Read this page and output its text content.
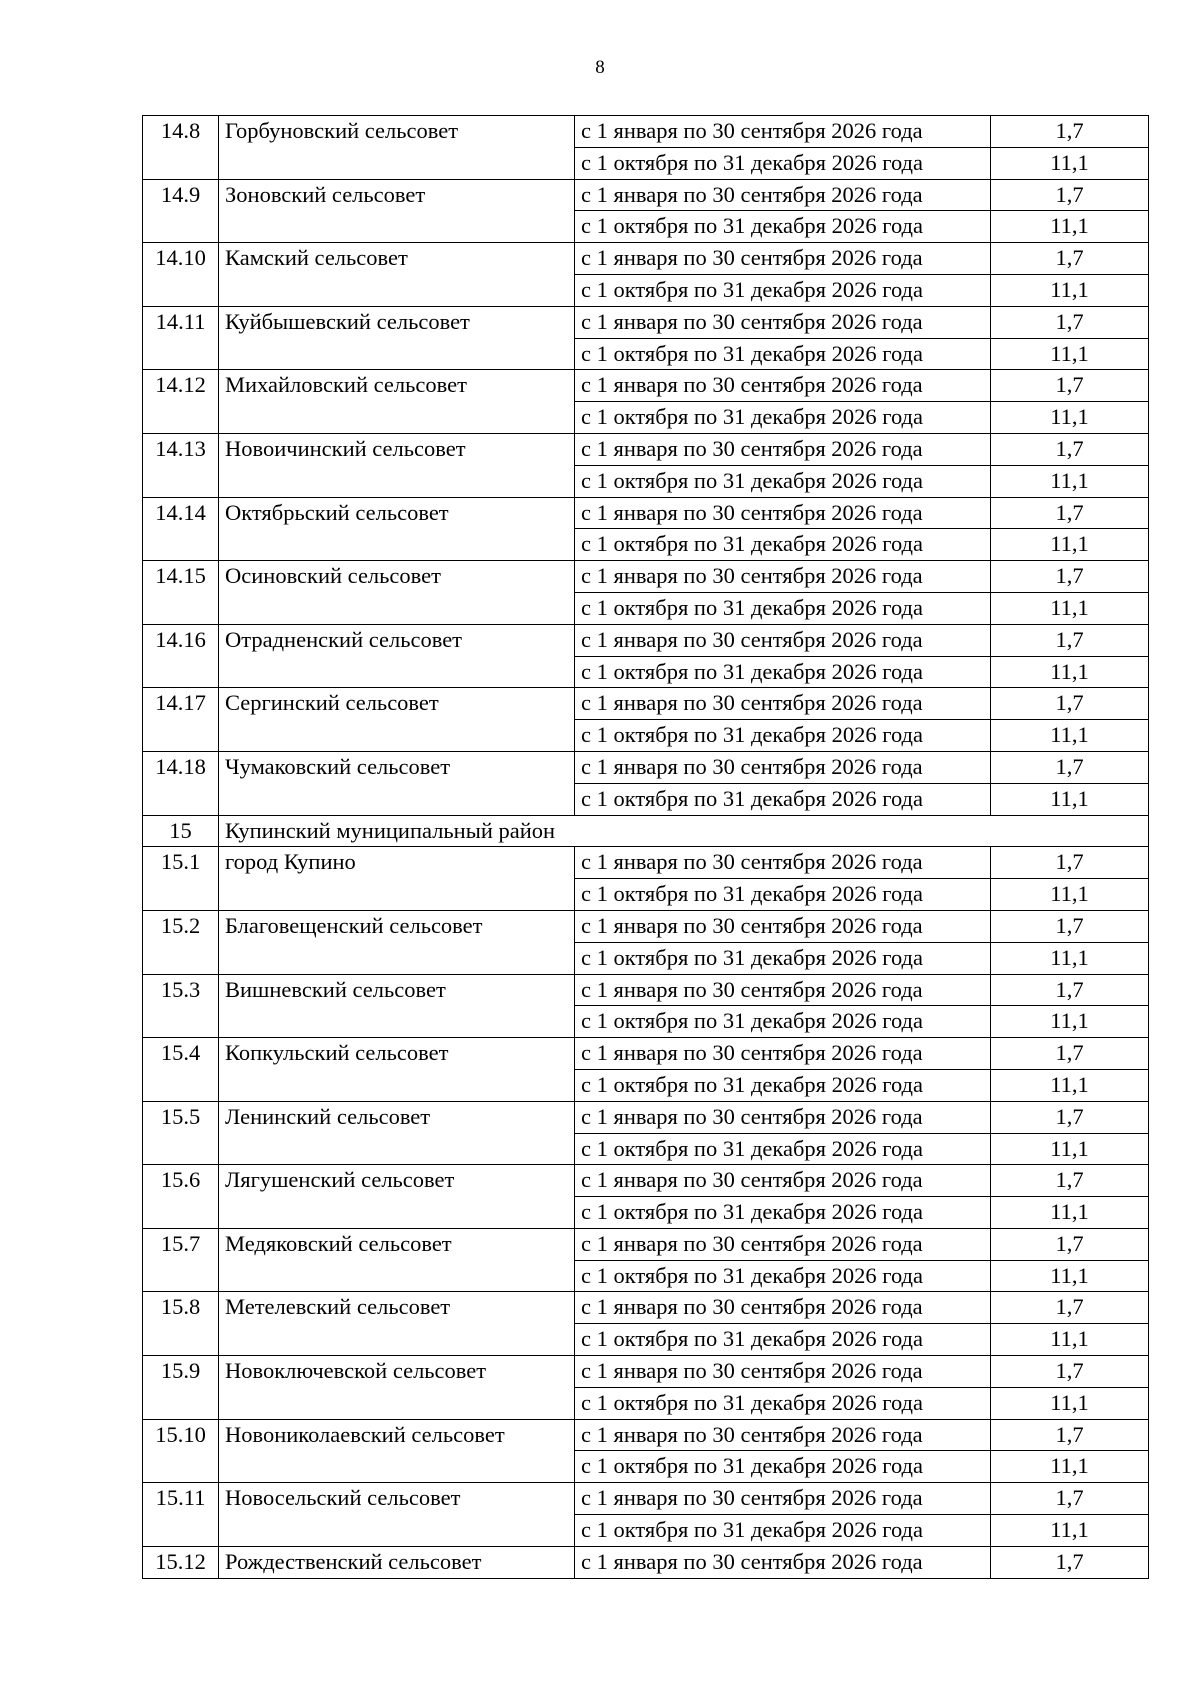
8
14.8	Горбуновский сельсовет	с 1 января по 30 сентября 2026 года	1,7
		с 1 октября по 31 декабря 2026 года	11,1
14.9	Зоновский сельсовет	с 1 января по 30 сентября 2026 года	1,7
		с 1 октября по 31 декабря 2026 года	11,1
14.10	Камский сельсовет	с 1 января по 30 сентября 2026 года	1,7
		с 1 октября по 31 декабря 2026 года	11,1
14.11	Куйбышевский сельсовет	с 1 января по 30 сентября 2026 года	1,7
		с 1 октября по 31 декабря 2026 года	11,1
14.12	Михайловский сельсовет	с 1 января по 30 сентября 2026 года	1,7
		с 1 октября по 31 декабря 2026 года	11,1
14.13	Новоичинский сельсовет	с 1 января по 30 сентября 2026 года	1,7
		с 1 октября по 31 декабря 2026 года	11,1
14.14	Октябрьский сельсовет	с 1 января по 30 сентября 2026 года	1,7
		с 1 октября по 31 декабря 2026 года	11,1
14.15	Осиновский сельсовет	с 1 января по 30 сентября 2026 года	1,7
		с 1 октября по 31 декабря 2026 года	11,1
14.16	Отрадненский сельсовет	с 1 января по 30 сентября 2026 года	1,7
		с 1 октября по 31 декабря 2026 года	11,1
14.17	Сергинский сельсовет	с 1 января по 30 сентября 2026 года	1,7
		с 1 октября по 31 декабря 2026 года	11,1
14.18	Чумаковский сельсовет	с 1 января по 30 сентября 2026 года	1,7
		с 1 октября по 31 декабря 2026 года	11,1
15	Купинский муниципальный район		
15.1	город Купино	с 1 января по 30 сентября 2026 года	1,7
		с 1 октября по 31 декабря 2026 года	11,1
15.2	Благовещенский сельсовет	с 1 января по 30 сентября 2026 года	1,7
		с 1 октября по 31 декабря 2026 года	11,1
15.3	Вишневский сельсовет	с 1 января по 30 сентября 2026 года	1,7
		с 1 октября по 31 декабря 2026 года	11,1
15.4	Копкульский сельсовет	с 1 января по 30 сентября 2026 года	1,7
		с 1 октября по 31 декабря 2026 года	11,1
15.5	Ленинский сельсовет	с 1 января по 30 сентября 2026 года	1,7
		с 1 октября по 31 декабря 2026 года	11,1
15.6	Лягушенский сельсовет	с 1 января по 30 сентября 2026 года	1,7
		с 1 октября по 31 декабря 2026 года	11,1
15.7	Медяковский сельсовет	с 1 января по 30 сентября 2026 года	1,7
		с 1 октября по 31 декабря 2026 года	11,1
15.8	Метелевский сельсовет	с 1 января по 30 сентября 2026 года	1,7
		с 1 октября по 31 декабря 2026 года	11,1
15.9	Новоключевской сельсовет	с 1 января по 30 сентября 2026 года	1,7
		с 1 октября по 31 декабря 2026 года	11,1
15.10	Новониколаевский сельсовет	с 1 января по 30 сентября 2026 года	1,7
		с 1 октября по 31 декабря 2026 года	11,1
15.11	Новосельский сельсовет	с 1 января по 30 сентября 2026 года	1,7
		с 1 октября по 31 декабря 2026 года	11,1
15.12	Рождественский сельсовет	с 1 января по 30 сентября 2026 года	1,7
